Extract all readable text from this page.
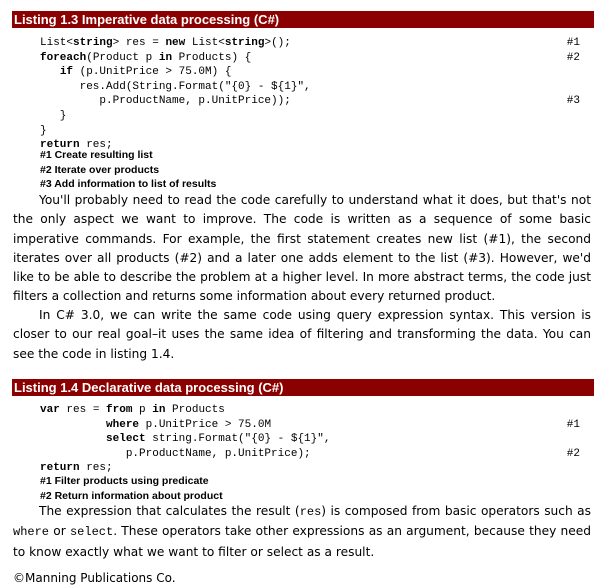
Listing 1.3 Imperative data processing (C#)
List<string> res = new List<string>();	#1
foreach(Product p in Products) {	#2
if (p.UnitPrice > 75.0M) {
res.Add(String.Format("{0} - ${1}",
p.ProductName, p.UnitPrice));	#3
}
}
return res;
#1 Create resulting list
#2 Iterate over products
#3 Add information to list of results

You'll probably need to read the code carefully to understand what it does, but that's not the only aspect we want to improve. The code is written as a sequence of some basic imperative commands. For example, the first statement creates new list (#1), the second iterates over all products (#2) and a later one adds element to the list (#3). However, we'd like to be able to describe the problem at a higher level. In more abstract terms, the code just filters a collection and returns some information about every returned product.

In C# 3.0, we can write the same code using query expression syntax. This version is closer to our real goal–it uses the same idea of filtering and transforming the data. You can see the code in listing 1.4.

Listing 1.4 Declarative data processing (C#)
var res = from p in Products
where p.UnitPrice > 75.0M	#1
select string.Format("{0} - ${1}",
p.ProductName, p.UnitPrice);	#2
return res;
#1 Filter products using predicate
#2 Return information about product

The expression that calculates the result (res) is composed from basic operators such as where or select. These operators take other expressions as an argument, because they need to know exactly what we want to filter or select as a result.

©Manning Publications Co.
